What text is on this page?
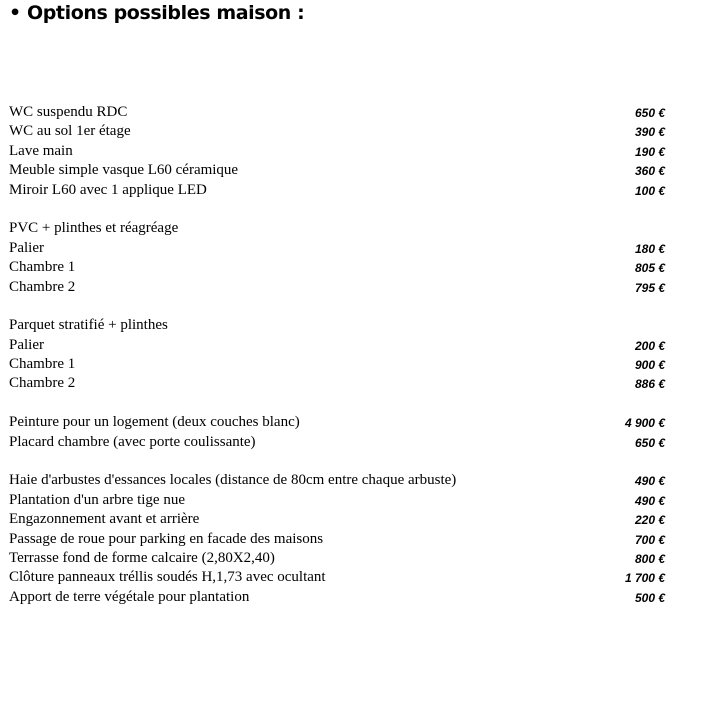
• Options possibles maison :
WC suspendu RDC	650 €
WC au sol 1er étage	390 €
Lave main	190 €
Meuble simple vasque L60 céramique	360 €
Miroir L60 avec 1 applique LED	100 €
PVC + plinthes et réagréage
Palier	180 €
Chambre 1	805 €
Chambre 2	795 €
Parquet stratifié + plinthes
Palier	200 €
Chambre 1	900 €
Chambre 2	886 €
Peinture pour un logement (deux couches blanc)	4 900 €
Placard chambre (avec porte coulissante)	650 €
Haie d'arbustes d'essances locales (distance de 80cm entre chaque arbuste)	490 €
Plantation d'un arbre tige nue	490 €
Engazonnement avant et arrière	220 €
Passage de roue pour parking en facade des maisons	700 €
Terrasse fond de forme calcaire (2,80X2,40)	800 €
Clôture panneaux tréllis soudés H,1,73 avec ocultant	1 700 €
Apport de terre végétale pour plantation	500 €
